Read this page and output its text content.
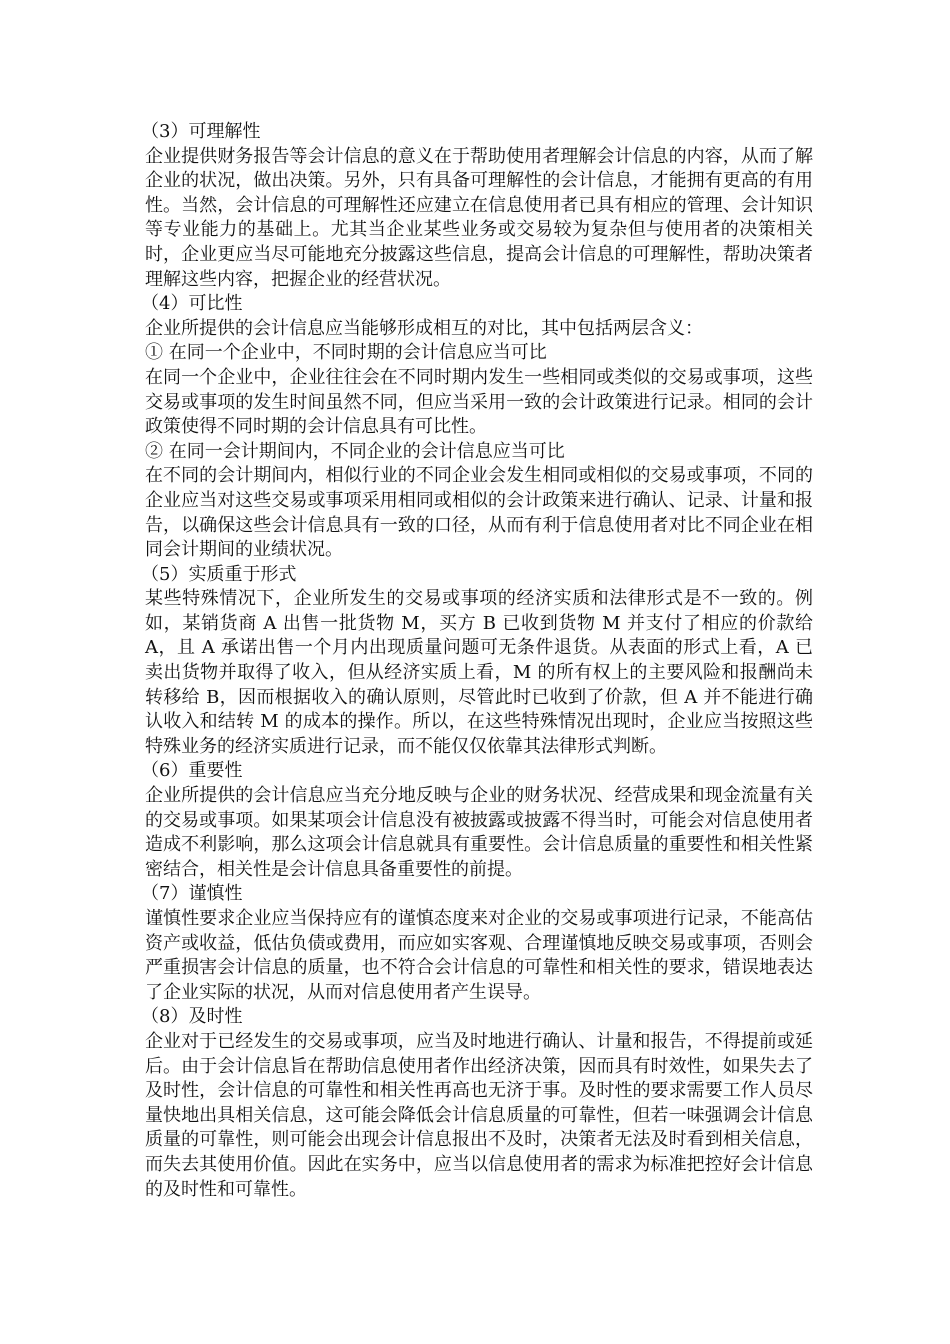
（3）可理解性

企业提供财务报告等会计信息的意义在于帮助使用者理解会计信息的内容，从而了解企业的状况，做出决策。另外，只有具备可理解性的会计信息，才能拥有更高的有用性。当然，会计信息的可理解性还应建立在信息使用者已具有相应的管理、会计知识等专业能力的基础上。尤其当企业某些业务或交易较为复杂但与使用者的决策相关时，企业更应当尽可能地充分披露这些信息，提高会计信息的可理解性，帮助决策者理解这些内容，把握企业的经营状况。

（4）可比性

企业所提供的会计信息应当能够形成相互的对比，其中包括两层含义：

① 在同一个企业中，不同时期的会计信息应当可比

在同一个企业中，企业往往会在不同时期内发生一些相同或类似的交易或事项，这些交易或事项的发生时间虽然不同，但应当采用一致的会计政策进行记录。相同的会计政策使得不同时期的会计信息具有可比性。

② 在同一会计期间内，不同企业的会计信息应当可比

在不同的会计期间内，相似行业的不同企业会发生相同或相似的交易或事项，不同的企业应当对这些交易或事项采用相同或相似的会计政策来进行确认、记录、计量和报告，以确保这些会计信息具有一致的口径，从而有利于信息使用者对比不同企业在相同会计期间的业绩状况。

（5）实质重于形式

某些特殊情况下，企业所发生的交易或事项的经济实质和法律形式是不一致的。例如，某销货商 A 出售一批货物 M，买方 B 已收到货物 M 并支付了相应的价款给 A，且 A 承诺出售一个月内出现质量问题可无条件退货。从表面的形式上看，A 已卖出货物并取得了收入，但从经济实质上看，M 的所有权上的主要风险和报酬尚未转移给 B，因而根据收入的确认原则，尽管此时已收到了价款，但 A 并不能进行确认收入和结转 M 的成本的操作。所以，在这些特殊情况出现时，企业应当按照这些特殊业务的经济实质进行记录，而不能仅仅依靠其法律形式判断。

（6）重要性

企业所提供的会计信息应当充分地反映与企业的财务状况、经营成果和现金流量有关的交易或事项。如果某项会计信息没有被披露或披露不得当时，可能会对信息使用者造成不利影响，那么这项会计信息就具有重要性。会计信息质量的重要性和相关性紧密结合，相关性是会计信息具备重要性的前提。

（7）谨慎性

谨慎性要求企业应当保持应有的谨慎态度来对企业的交易或事项进行记录，不能高估资产或收益，低估负债或费用，而应如实客观、合理谨慎地反映交易或事项，否则会严重损害会计信息的质量，也不符合会计信息的可靠性和相关性的要求，错误地表达了企业实际的状况，从而对信息使用者产生误导。

（8）及时性

企业对于已经发生的交易或事项，应当及时地进行确认、计量和报告，不得提前或延后。由于会计信息旨在帮助信息使用者作出经济决策，因而具有时效性，如果失去了及时性，会计信息的可靠性和相关性再高也无济于事。及时性的要求需要工作人员尽量快地出具相关信息，这可能会降低会计信息质量的可靠性，但若一味强调会计信息质量的可靠性，则可能会出现会计信息报出不及时，决策者无法及时看到相关信息，而失去其使用价值。因此在实务中，应当以信息使用者的需求为标准把控好会计信息的及时性和可靠性。
